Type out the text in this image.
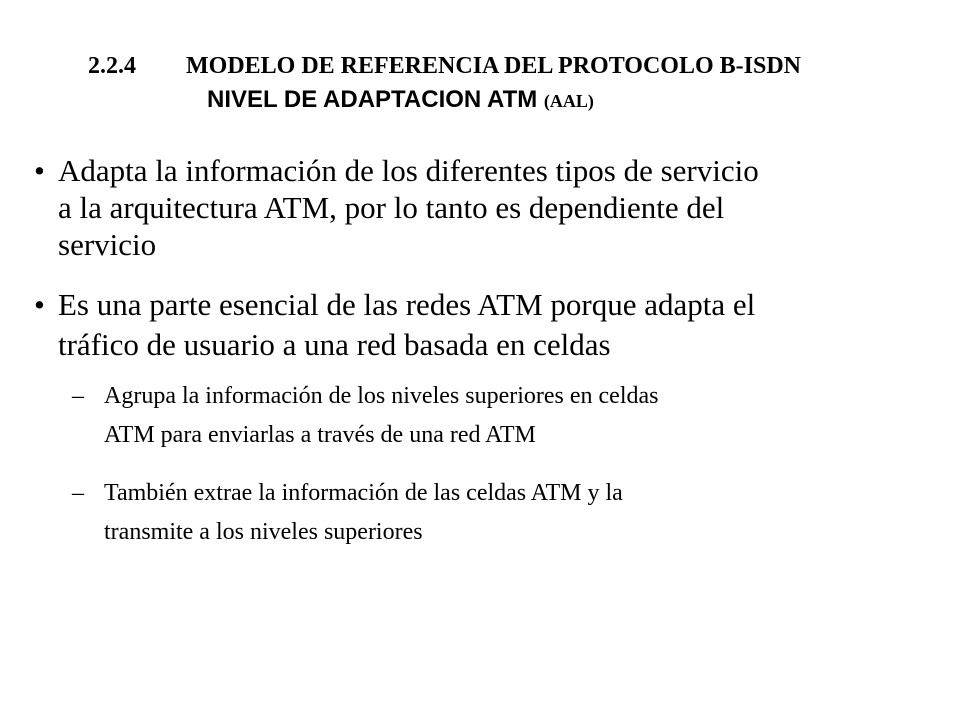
2.2.4 MODELO DE REFERENCIA DEL PROTOCOLO B-ISDN
NIVEL DE ADAPTACION ATM (AAL)
• Adapta la información de los diferentes tipos de servicio
a la arquitectura ATM, por lo tanto es dependiente del
servicio
• Es una parte esencial de las redes ATM porque adapta el
tráfico de usuario a una red basada en celdas
– Agrupa la información de los niveles superiores en celdas
ATM para enviarlas a través de una red ATM
– También extrae la información de las celdas ATM y la
transmite a los niveles superiores
